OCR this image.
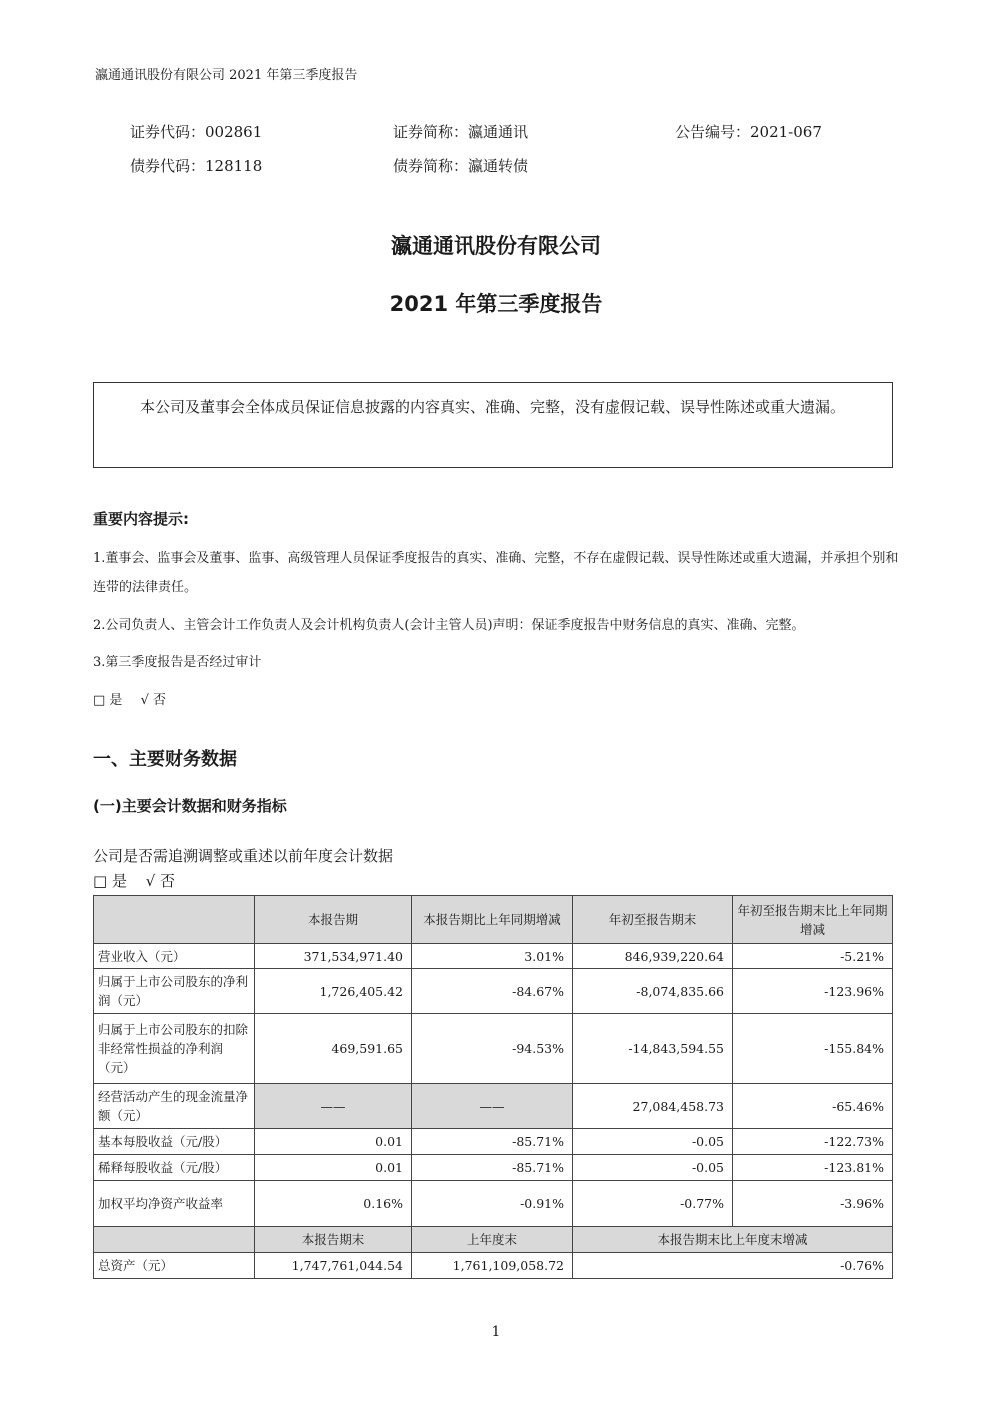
瀛通通讯股份有限公司 2021 年第三季度报告
证券代码：002861	证券简称：瀛通通讯	公告编号：2021-067
债券代码：128118	债券简称：瀛通转债
瀛通通讯股份有限公司
2021 年第三季度报告
本公司及董事会全体成员保证信息披露的内容真实、准确、完整，没有虚假记载、误导性陈述或重大遗漏。
重要内容提示:
1.董事会、监事会及董事、监事、高级管理人员保证季度报告的真实、准确、完整，不存在虚假记载、误导性陈述或重大遗漏，并承担个别和连带的法律责任。
2.公司负责人、主管会计工作负责人及会计机构负责人(会计主管人员)声明：保证季度报告中财务信息的真实、准确、完整。
3.第三季度报告是否经过审计
□ 是 √ 否
一、主要财务数据
(一)主要会计数据和财务指标
公司是否需追溯调整或重述以前年度会计数据
□ 是 √ 否
	本报告期	本报告期比上年同期增减	年初至报告期末	年初至报告期末比上年同期增减
营业收入（元）	371,534,971.40	3.01%	846,939,220.64	-5.21%
归属于上市公司股东的净利润（元）	1,726,405.42	-84.67%	-8,074,835.66	-123.96%
归属于上市公司股东的扣除非经常性损益的净利润（元）	469,591.65	-94.53%	-14,843,594.55	-155.84%
经营活动产生的现金流量净额（元）	——	——	27,084,458.73	-65.46%
基本每股收益（元/股）	0.01	-85.71%	-0.05	-122.73%
稀释每股收益（元/股）	0.01	-85.71%	-0.05	-123.81%
加权平均净资产收益率	0.16%	-0.91%	-0.77%	-3.96%
	本报告期末	上年度末	本报告期末比上年度末增减	
总资产（元）	1,747,761,044.54	1,761,109,058.72	-0.76%	
1
